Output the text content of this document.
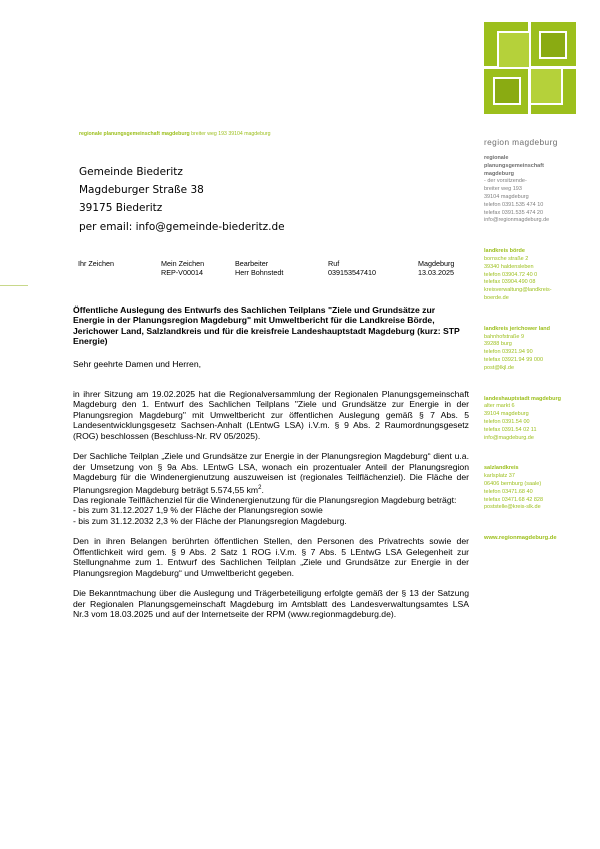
regionale planungsgemeinschaft magdeburg breiter weg 193 39104 magdeburg
Gemeinde Biederitz
Magdeburger Straße 38
39175 Biederitz
per email: info@gemeinde-biederitz.de
Ihr Zeichen	Mein Zeichen
REP-V00014
Bearbeiter
Herr Bohnstedt
Ruf
039153547410
Magdeburg
13.03.2025

Öffentliche Auslegung des Entwurfs des Sachlichen Teilplans "Ziele und Grundsätze zur Energie in der Planungsregion Magdeburg" mit Umweltbericht für die Landkreise Börde, Jerichower Land, Salzlandkreis und für die kreisfreie Landeshauptstadt Magdeburg (kurz: STP Energie)

Sehr geehrte Damen und Herren,

in ihrer Sitzung am 19.02.2025 hat die Regionalversammlung der Regionalen Planungsgemeinschaft Magdeburg den 1. Entwurf des Sachlichen Teilplans "Ziele und Grundsätze zur Energie in der Planungsregion Magdeburg" mit Umweltbericht zur öffentlichen Auslegung gemäß § 7 Abs. 5 Landesentwicklungsgesetz Sachsen-Anhalt (LEntwG LSA) i.V.m. § 9 Abs. 2 Raumordnungsgesetz (ROG) beschlossen (Beschluss-Nr. RV 05/2025).

Der Sachliche Teilplan „Ziele und Grundsätze zur Energie in der Planungsregion Magdeburg“ dient u.a. der Umsetzung von § 9a Abs. LEntwG LSA, wonach ein prozentualer Anteil der Planungsregion Magdeburg für die Windenergienutzung auszuweisen ist (regionales Teilflächenziel). Die Fläche der Planungsregion Magdeburg beträgt 5.574,55 $km^2$.

Das regionale Teilflächenziel für die Windenergienutzung für die Planungsregion Magdeburg beträgt:

- bis zum 31.12.2027 1,9 % der Fläche der Planungsregion sowie

- bis zum 31.12.2032 2,3 % der Fläche der Planungsregion Magdeburg.

Den in ihren Belangen berührten öffentlichen Stellen, den Personen des Privatrechts sowie der Öffentlichkeit wird gem. § 9 Abs. 2 Satz 1 ROG i.V.m. § 7 Abs. 5 LEntwG LSA Gelegenheit zur Stellungnahme zum 1. Entwurf des Sachlichen Teilplan „Ziele und Grundsätze zur Energie in der Planungsregion Magdeburg“ und Umweltbericht gegeben.

Die Bekanntmachung über die Auslegung und Trägerbeteiligung erfolgte gemäß der § 13 der Satzung der Regionalen Planungsgemeinschaft Magdeburg im Amtsblatt des Landesverwaltungsamtes LSA Nr.3 vom 18.03.2025 und auf der Internetseite der RPM (www.regionmagdeburg.de).

region magdeburg
regionale
planungsgemeinschaft
magdeburg
- der vorsitzende-
breiter weg 193
39104 magdeburg
telefon 0391.535 474 10
telefax 0391.535 474 20
info@regionmagdeburg.de
landkreis börde
bornsche straße 2
39340 haldensleben
telefon 03904.72 40 0
telefax 03904.490 08
kreisverwaltung@landkreis-
boerde.de
landkreis jerichower land
bahnhofstraße 9
39288 burg
telefon 03921.94 90
telefax 03921.94 99 000
post@lkjl.de
landeshauptstadt magdeburg
alter markt 6
39104 magdeburg
telefon 0391.54 00
telefax 0391.54 02 11
info@magdeburg.de
salzlandkreis
karlsplatz 37
06406 bernburg (saale)
telefon 03471.68 40
telefax 03471.68 42 828
poststelle@kreis-slk.de
www.regionmagdeburg.de
